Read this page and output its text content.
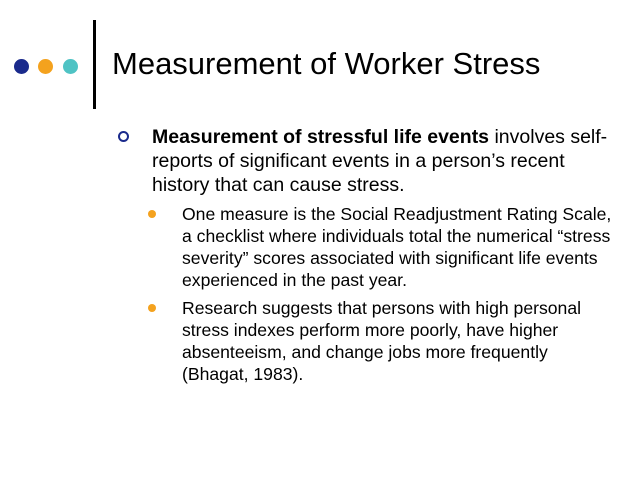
Measurement of Worker Stress
Measurement of stressful life events involves self-reports of significant events in a person’s recent history that can cause stress.
One measure is the Social Readjustment Rating Scale, a checklist where individuals total the numerical “stress severity” scores associated with significant life events experienced in the past year.
Research suggests that persons with high personal stress indexes perform more poorly, have higher absenteeism, and change jobs more frequently (Bhagat, 1983).
